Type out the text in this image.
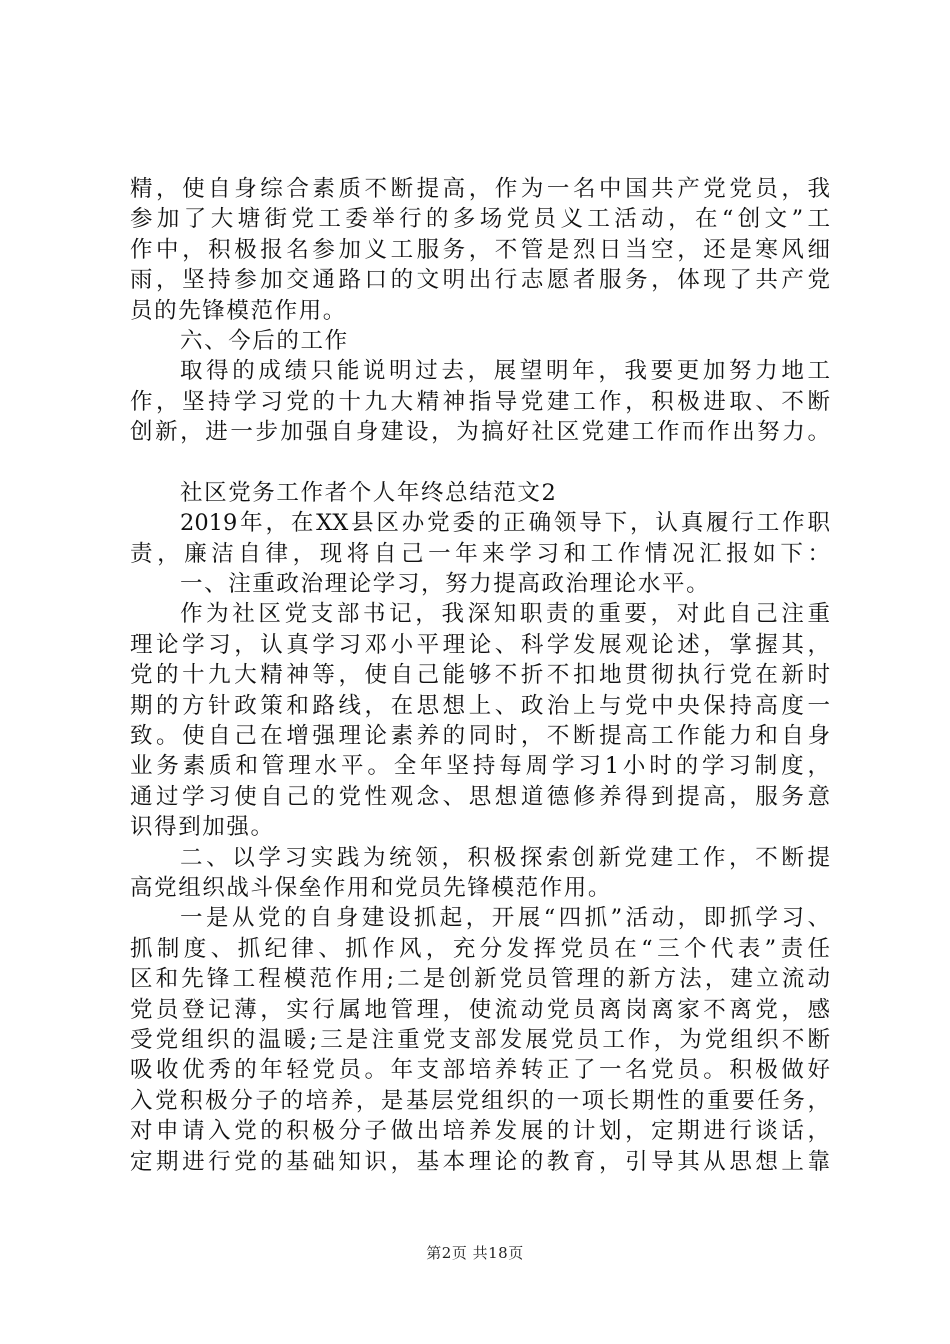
精，使自身综合素质不断提高，作为一名中国共产党党员，我
参加了大塘街党工委举行的多场党员义工活动，在“创文”工
作中，积极报名参加义工服务，不管是烈日当空，还是寒风细
雨，坚持参加交通路口的文明出行志愿者服务，体现了共产党
员的先锋模范作用。
六、今后的工作
取得的成绩只能说明过去，展望明年，我要更加努力地工
作，坚持学习党的十九大精神指导党建工作，积极进取、不断
创新，进一步加强自身建设，为搞好社区党建工作而作出努力。
社区党务工作者个人年终总结范文2
2019年，在XX县区办党委的正确领导下，认真履行工作职
责，廉洁自律，现将自己一年来学习和工作情况汇报如下：
一、注重政治理论学习，努力提高政治理论水平。
作为社区党支部书记，我深知职责的重要，对此自己注重
理论学习，认真学习邓小平理论、科学发展观论述，掌握其，
党的十九大精神等，使自己能够不折不扣地贯彻执行党在新时
期的方针政策和路线，在思想上、政治上与党中央保持高度一
致。使自己在增强理论素养的同时，不断提高工作能力和自身
业务素质和管理水平。全年坚持每周学习1小时的学习制度，
通过学习使自己的党性观念、思想道德修养得到提高，服务意
识得到加强。
二、以学习实践为统领，积极探索创新党建工作，不断提
高党组织战斗保垒作用和党员先锋模范作用。
一是从党的自身建设抓起，开展“四抓”活动，即抓学习、
抓制度、抓纪律、抓作风，充分发挥党员在“三个代表”责任
区和先锋工程模范作用;二是创新党员管理的新方法，建立流动
党员登记薄，实行属地管理，使流动党员离岗离家不离党，感
受党组织的温暖;三是注重党支部发展党员工作，为党组织不断
吸收优秀的年轻党员。年支部培养转正了一名党员。积极做好
入党积极分子的培养，是基层党组织的一项长期性的重要任务，
对申请入党的积极分子做出培养发展的计划，定期进行谈话，
定期进行党的基础知识，基本理论的教育，引导其从思想上靠
第2页 共18页
